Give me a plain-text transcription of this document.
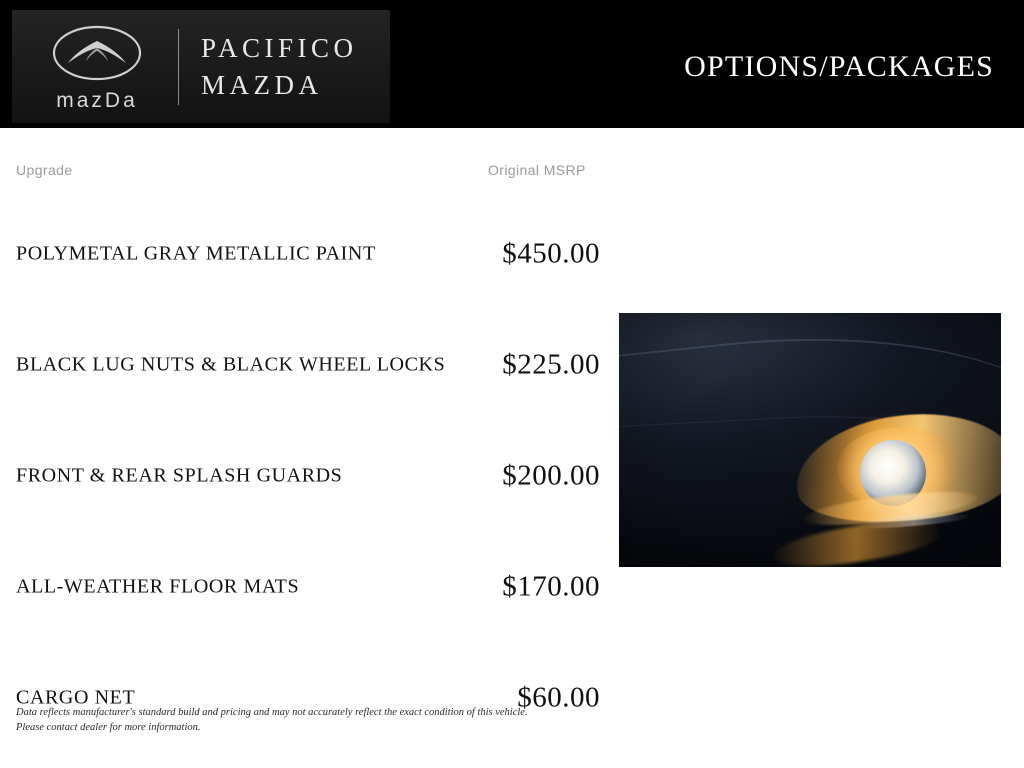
mazDa
PACIFICO
MAZDA
OPTIONS/PACKAGES
Upgrade	Original MSRP
POLYMETAL GRAY METALLIC PAINT	$450.00
BLACK LUG NUTS & BLACK WHEEL LOCKS	$225.00
FRONT & REAR SPLASH GUARDS	$200.00
ALL-WEATHER FLOOR MATS	$170.00
CARGO NET	$60.00
Data reflects manufacturer's standard build and pricing and may not accurately reflect the exact condition of this vehicle.
Please contact dealer for more information.
